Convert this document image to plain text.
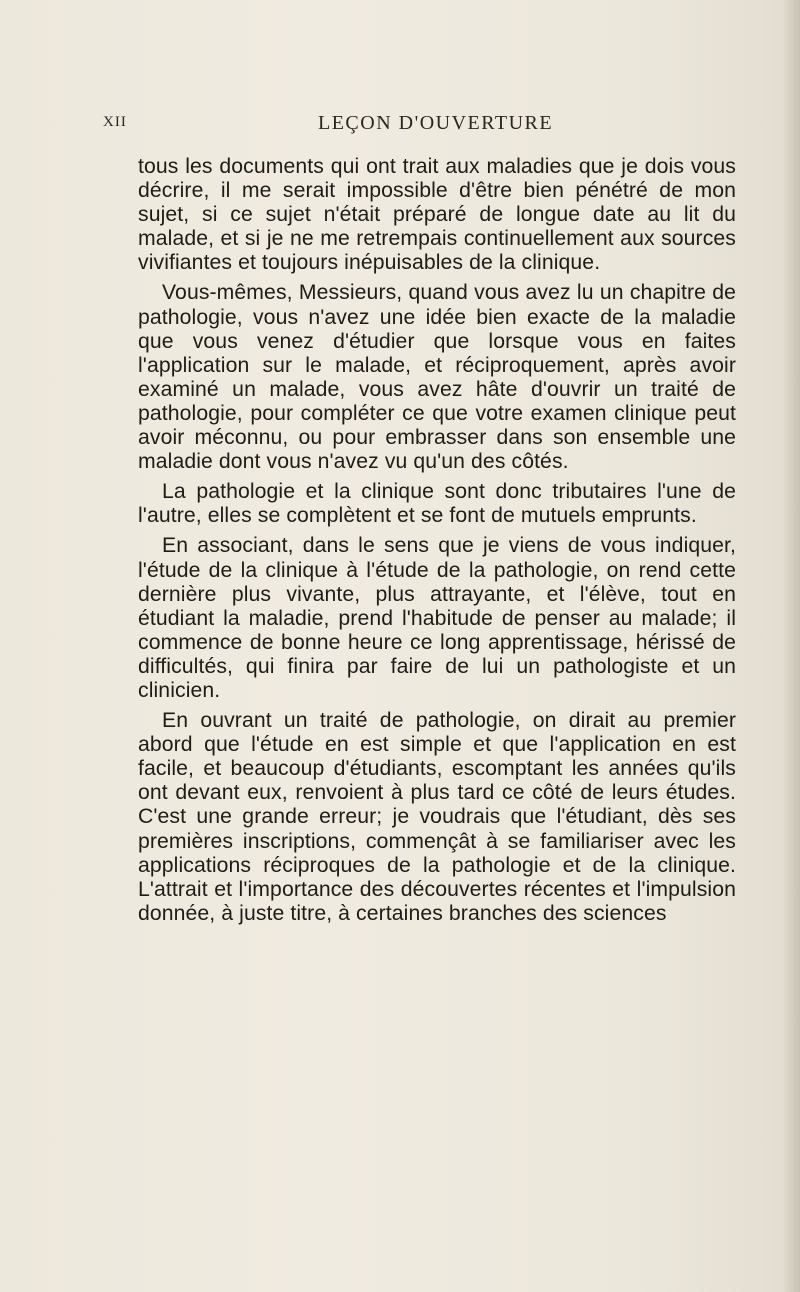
XII	LEÇON D'OUVERTURE

tous les documents qui ont trait aux maladies que je dois vous décrire, il me serait impossible d'être bien pénétré de mon sujet, si ce sujet n'était préparé de longue date au lit du malade, et si je ne me retrempais continuellement aux sources vivifiantes et toujours inépuisables de la clinique.

Vous-mêmes, Messieurs, quand vous avez lu un chapitre de pathologie, vous n'avez une idée bien exacte de la maladie que vous venez d'étudier que lorsque vous en faites l'application sur le malade, et réciproquement, après avoir examiné un malade, vous avez hâte d'ouvrir un traité de pathologie, pour compléter ce que votre examen clinique peut avoir méconnu, ou pour embrasser dans son ensemble une maladie dont vous n'avez vu qu'un des côtés.

La pathologie et la clinique sont donc tributaires l'une de l'autre, elles se complètent et se font de mutuels emprunts.

En associant, dans le sens que je viens de vous indiquer, l'étude de la clinique à l'étude de la pathologie, on rend cette dernière plus vivante, plus attrayante, et l'élève, tout en étudiant la maladie, prend l'habitude de penser au malade; il commence de bonne heure ce long apprentissage, hérissé de difficultés, qui finira par faire de lui un pathologiste et un clinicien.

En ouvrant un traité de pathologie, on dirait au premier abord que l'étude en est simple et que l'application en est facile, et beaucoup d'étudiants, escomptant les années qu'ils ont devant eux, renvoient à plus tard ce côté de leurs études. C'est une grande erreur; je voudrais que l'étudiant, dès ses premières inscriptions, commençât à se familiariser avec les applications réciproques de la pathologie et de la clinique. L'attrait et l'importance des découvertes récentes et l'impulsion donnée, à juste titre, à certaines branches des sciences
